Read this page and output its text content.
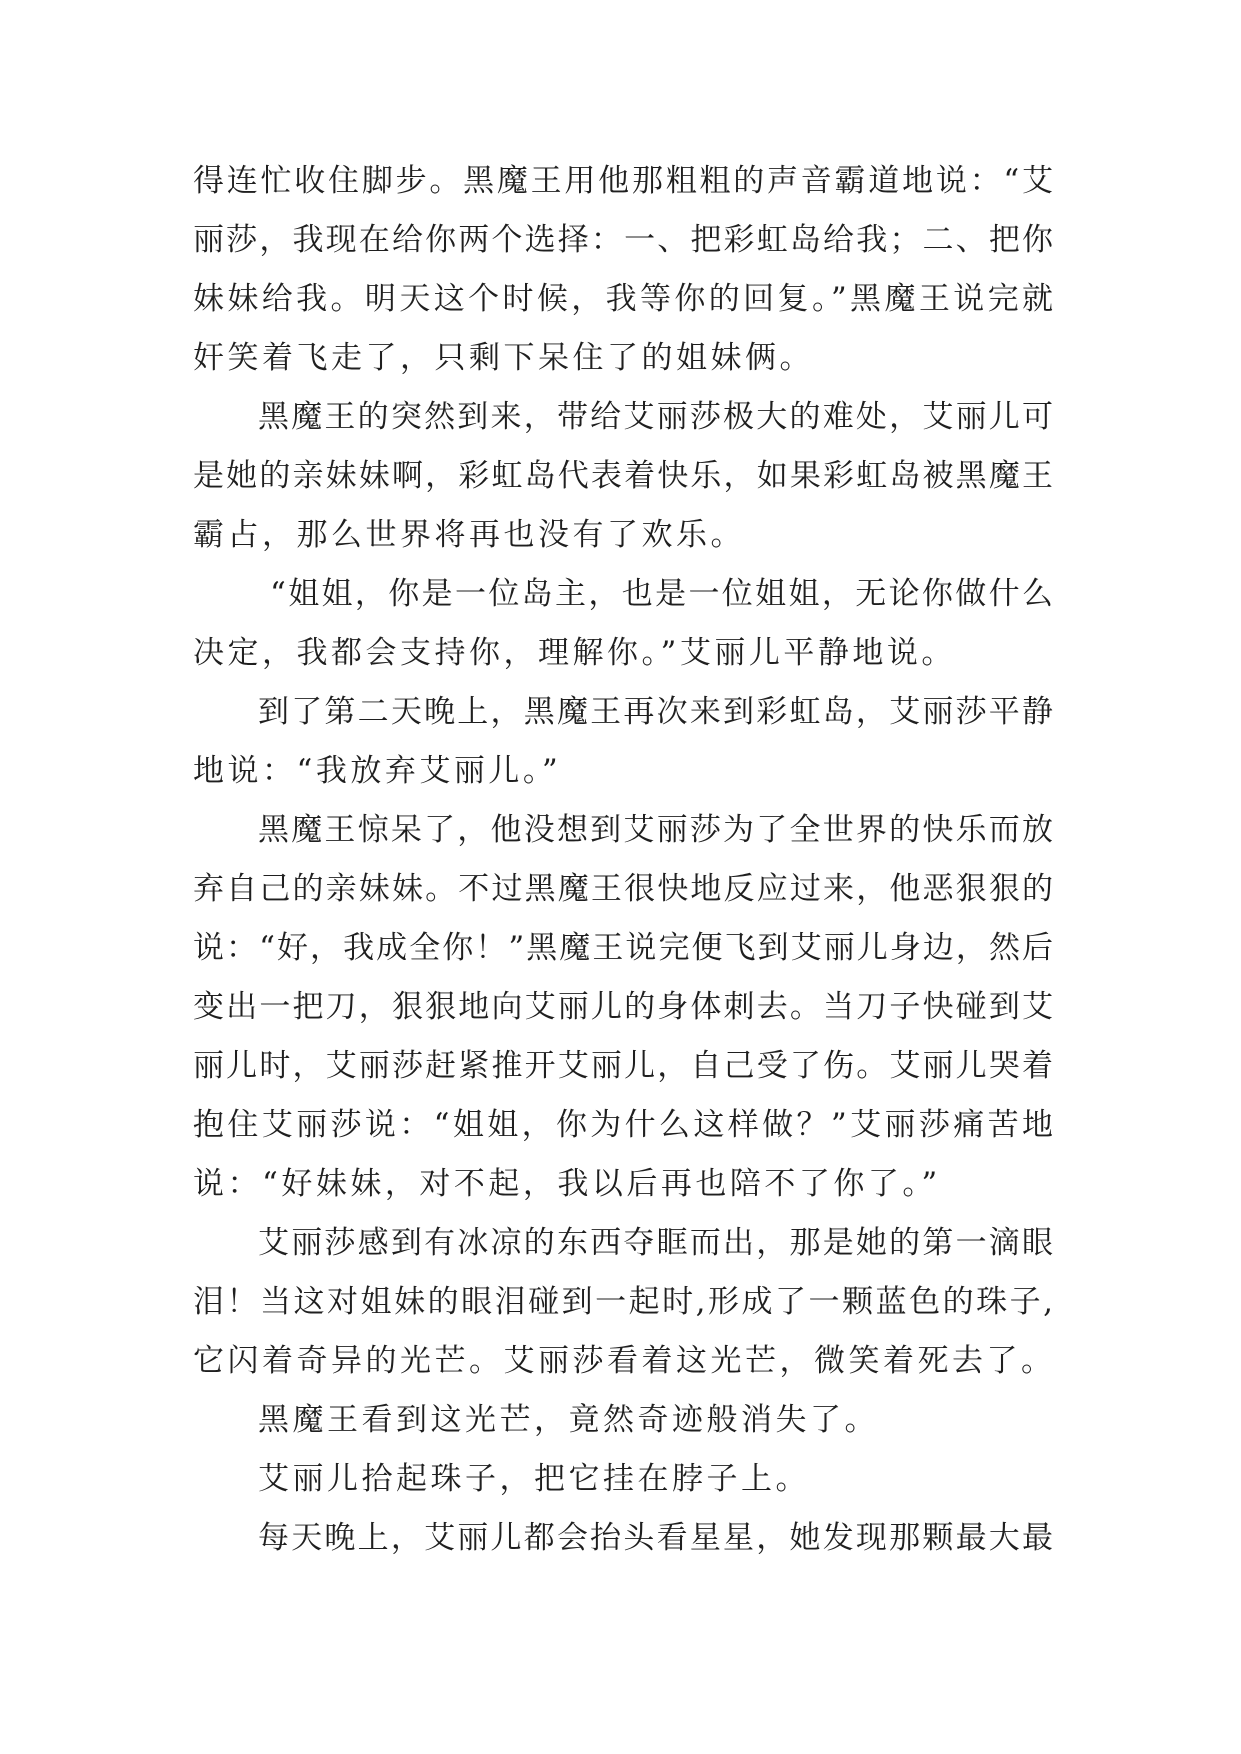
得连忙收住脚步。黑魔王用他那粗粗的声音霸道地说：“艾
丽莎，我现在给你两个选择：一、把彩虹岛给我；二、把你
妹妹给我。明天这个时候，我等你的回复。”黑魔王说完就
奸笑着飞走了，只剩下呆住了的姐妹俩。
黑魔王的突然到来，带给艾丽莎极大的难处，艾丽儿可
是她的亲妹妹啊，彩虹岛代表着快乐，如果彩虹岛被黑魔王
霸占，那么世界将再也没有了欢乐。
“姐姐，你是一位岛主，也是一位姐姐，无论你做什么
决定，我都会支持你，理解你。”艾丽儿平静地说。
到了第二天晚上，黑魔王再次来到彩虹岛，艾丽莎平静
地说：“我放弃艾丽儿。”
黑魔王惊呆了，他没想到艾丽莎为了全世界的快乐而放
弃自己的亲妹妹。不过黑魔王很快地反应过来，他恶狠狠的
说：“好，我成全你！”黑魔王说完便飞到艾丽儿身边，然后
变出一把刀，狠狠地向艾丽儿的身体刺去。当刀子快碰到艾
丽儿时，艾丽莎赶紧推开艾丽儿，自己受了伤。艾丽儿哭着
抱住艾丽莎说：“姐姐，你为什么这样做？”艾丽莎痛苦地
说：“好妹妹，对不起，我以后再也陪不了你了。”
艾丽莎感到有冰凉的东西夺眶而出，那是她的第一滴眼
泪！当这对姐妹的眼泪碰到一起时,形成了一颗蓝色的珠子,
它闪着奇异的光芒。艾丽莎看着这光芒，微笑着死去了。
黑魔王看到这光芒，竟然奇迹般消失了。
艾丽儿拾起珠子，把它挂在脖子上。
每天晚上，艾丽儿都会抬头看星星，她发现那颗最大最
